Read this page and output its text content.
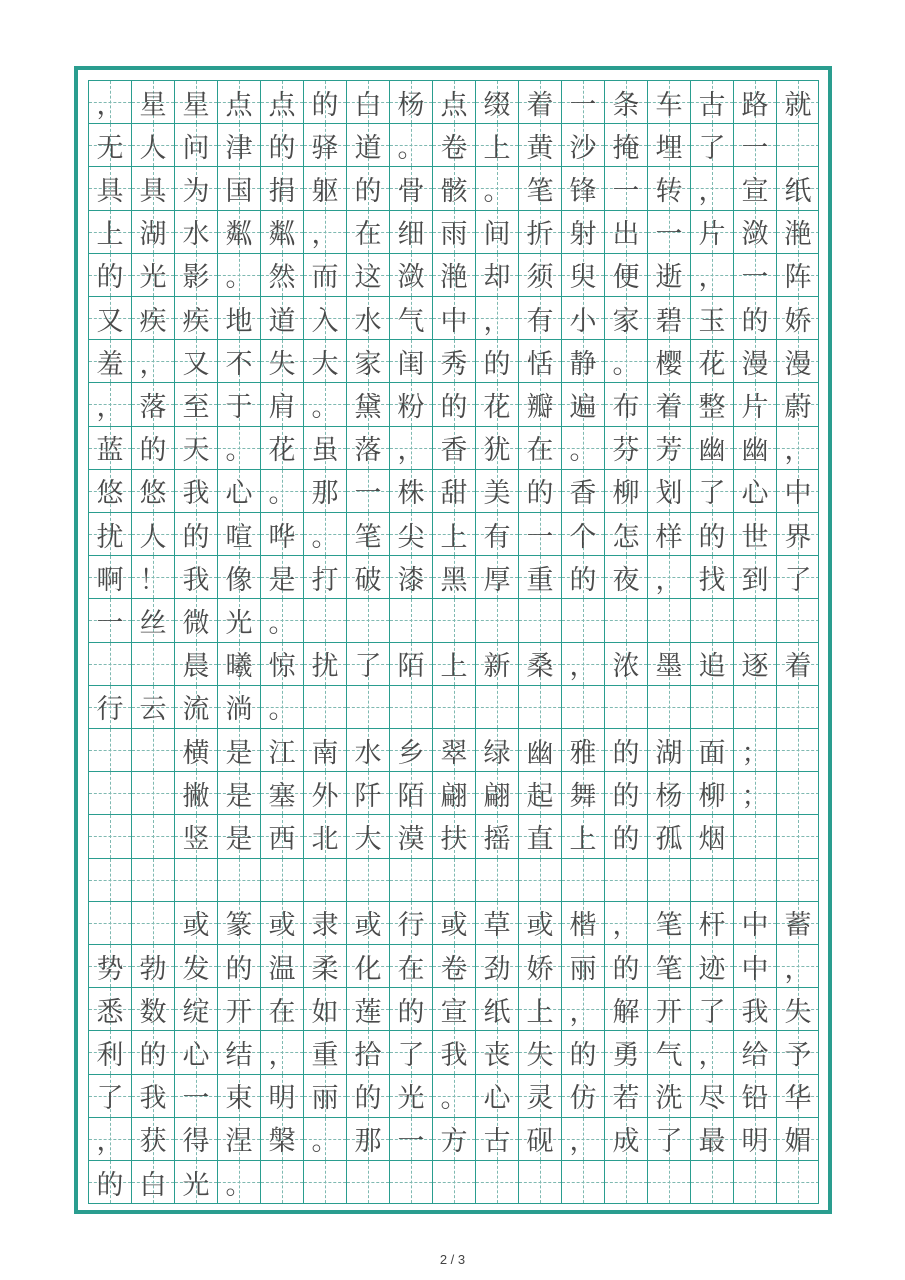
， 星 星 点 点 的 白 杨 点 缀 着 一 条 车 古 路 就
无 人 问 津 的 驿 道 。 卷 上 黄 沙 掩 埋 了 一
具 具 为 国 捐 躯 的 骨 骸 。 笔 锋 一 转 ， 宣 纸
上 湖 水 粼 粼 ， 在 细 雨 间 折 射 出 一 片 潋 滟
的 光 影 。 然 而 这 潋 滟 却 须 臾 便 逝 ， 一 阵
又 疾 疾 地 道 入 水 气 中 ， 有 小 家 碧 玉 的 娇
羞 ， 又 不 失 大 家 闺 秀 的 恬 静 。 樱 花 漫 漫
， 落 至 于 肩 。 黛 粉 的 花 瓣 遍 布 着 整 片 蔚
蓝 的 天 。 花 虽 落 ， 香 犹 在 。 芬 芳 幽 幽 ，
悠 悠 我 心 。 那 一 株 甜 美 的 香 柳 划 了 心 中
扰 人 的 喧 哗 。 笔 尖 上 有 一 个 怎 样 的 世 界
啊 ！ 我 像 是 打 破 漆 黑 厚 重 的 夜 ， 找 到 了
一 丝 微 光 。
晨 曦 惊 扰 了 陌 上 新 桑 ， 浓 墨 追 逐 着
行 云 流 淌 。
横 是 江 南 水 乡 翠 绿 幽 雅 的 湖 面 ；
撇 是 塞 外 阡 陌 翩 翩 起 舞 的 杨 柳 ；
竖 是 西 北 大 漠 扶 摇 直 上 的 孤 烟
或 篆 或 隶 或 行 或 草 或 楷 ， 笔 杆 中 蓄
势 勃 发 的 温 柔 化 在 卷 劲 娇 丽 的 笔 迹 中 ，
悉 数 绽 开 在 如 莲 的 宣 纸 上 ， 解 开 了 我 失
利 的 心 结 ， 重 拾 了 我 丧 失 的 勇 气 ， 给 予
了 我 一 束 明 丽 的 光 。 心 灵 仿 若 洗 尽 铅 华
， 获 得 涅 槃 。 那 一 方 古 砚 ， 成 了 最 明 媚
的 白 光 。
2 / 3
